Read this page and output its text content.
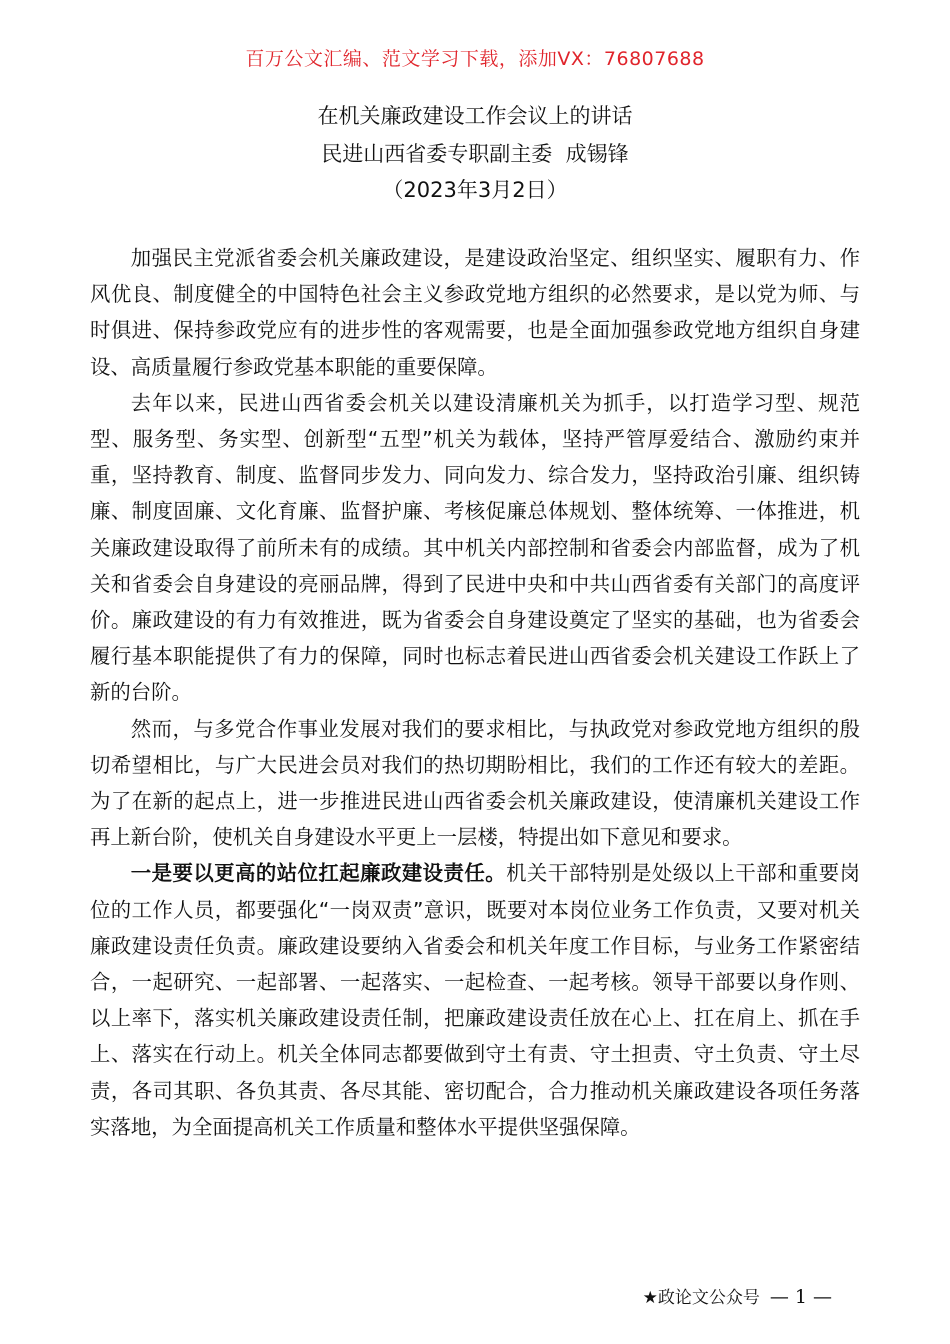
百万公文汇编、范文学习下载，添加VX：76807688
在机关廉政建设工作会议上的讲话
民进山西省委专职副主委  成锡锋
（2023年3月2日）

加强民主党派省委会机关廉政建设，是建设政治坚定、组织坚实、履职有力、作风优良、制度健全的中国特色社会主义参政党地方组织的必然要求，是以党为师、与时俱进、保持参政党应有的进步性的客观需要，也是全面加强参政党地方组织自身建设、高质量履行参政党基本职能的重要保障。

去年以来，民进山西省委会机关以建设清廉机关为抓手，以打造学习型、规范型、服务型、务实型、创新型“五型”机关为载体，坚持严管厚爱结合、激励约束并重，坚持教育、制度、监督同步发力、同向发力、综合发力，坚持政治引廉、组织铸廉、制度固廉、文化育廉、监督护廉、考核促廉总体规划、整体统筹、一体推进，机关廉政建设取得了前所未有的成绩。其中机关内部控制和省委会内部监督，成为了机关和省委会自身建设的亮丽品牌，得到了民进中央和中共山西省委有关部门的高度评价。廉政建设的有力有效推进，既为省委会自身建设奠定了坚实的基础，也为省委会履行基本职能提供了有力的保障，同时也标志着民进山西省委会机关建设工作跃上了新的台阶。

然而，与多党合作事业发展对我们的要求相比，与执政党对参政党地方组织的殷切希望相比，与广大民进会员对我们的热切期盼相比，我们的工作还有较大的差距。为了在新的起点上，进一步推进民进山西省委会机关廉政建设，使清廉机关建设工作再上新台阶，使机关自身建设水平更上一层楼，特提出如下意见和要求。

一是要以更高的站位扛起廉政建设责任。机关干部特别是处级以上干部和重要岗位的工作人员，都要强化“一岗双责”意识，既要对本岗位业务工作负责，又要对机关廉政建设责任负责。廉政建设要纳入省委会和机关年度工作目标，与业务工作紧密结合，一起研究、一起部署、一起落实、一起检查、一起考核。领导干部要以身作则、以上率下，落实机关廉政建设责任制，把廉政建设责任放在心上、扛在肩上、抓在手上、落实在行动上。机关全体同志都要做到守土有责、守土担责、守土负责、守土尽责，各司其职、各负其责、各尽其能、密切配合，合力推动机关廉政建设各项任务落实落地，为全面提高机关工作质量和整体水平提供坚强保障。

★政论文公众号 — 1 —
